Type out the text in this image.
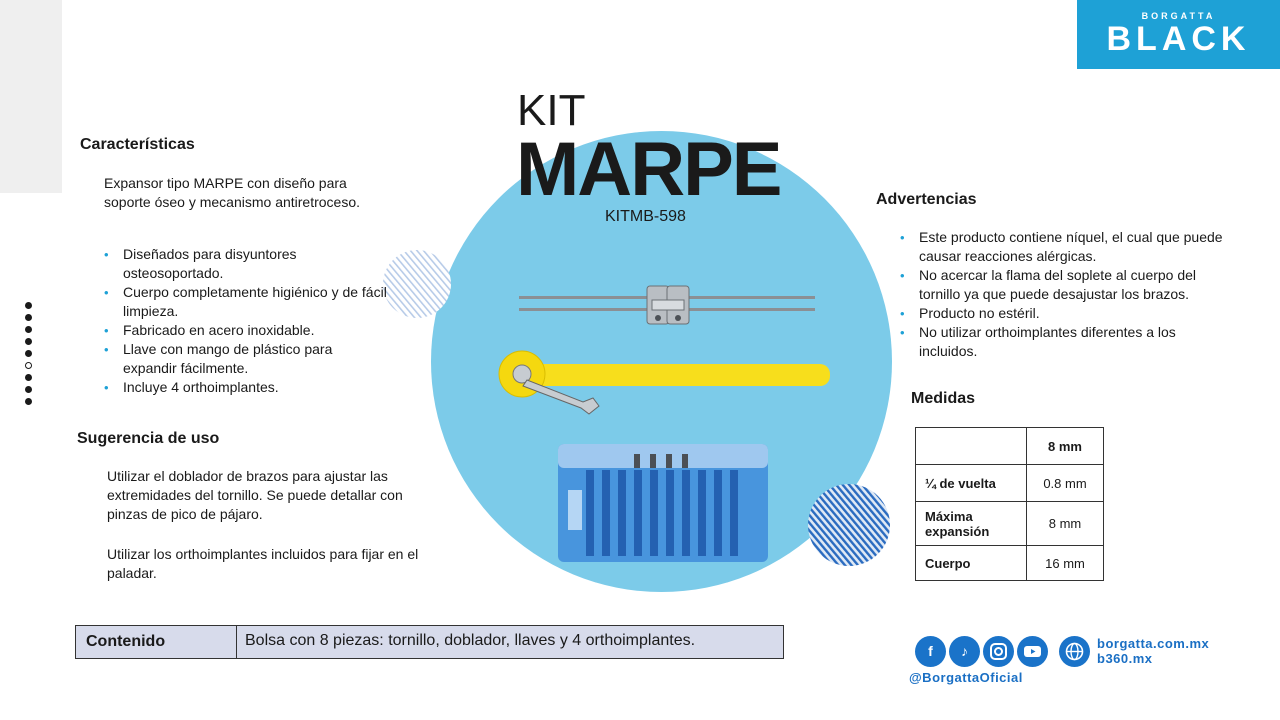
BORGATTA
BLACK
KIT
MARPE
KITMB-598
Características
Expansor tipo MARPE con diseño para soporte óseo y mecanismo antiretroceso.
• Diseñados para disyuntores osteosoportado.
• Cuerpo completamente higiénico y de fácil limpieza.
• Fabricado en acero inoxidable.
• Llave con mango de plástico para expandir fácilmente.
• Incluye 4 orthoimplantes.
Sugerencia de uso
Utilizar el doblador de brazos para ajustar las extremidades del tornillo. Se puede detallar con pinzas de pico de pájaro.
Utilizar los orthoimplantes incluidos para fijar en el paladar.
Advertencias
• Este producto contiene níquel, el cual que puede causar reacciones alérgicas.
• No acercar la flama del soplete al cuerpo del tornillo ya que puede desajustar los brazos.
• Producto no estéril.
• No utilizar orthoimplantes diferentes a los incluidos.
Medidas
	8 mm
¼ de vuelta	0.8 mm
Máxima expansión	8 mm
Cuerpo	16 mm
Contenido	Bolsa con 8 piezas: tornillo, doblador, llaves y 4 orthoimplantes.
f	♪	borgatta.com.mx
b360.mx
@BorgattaOficial
